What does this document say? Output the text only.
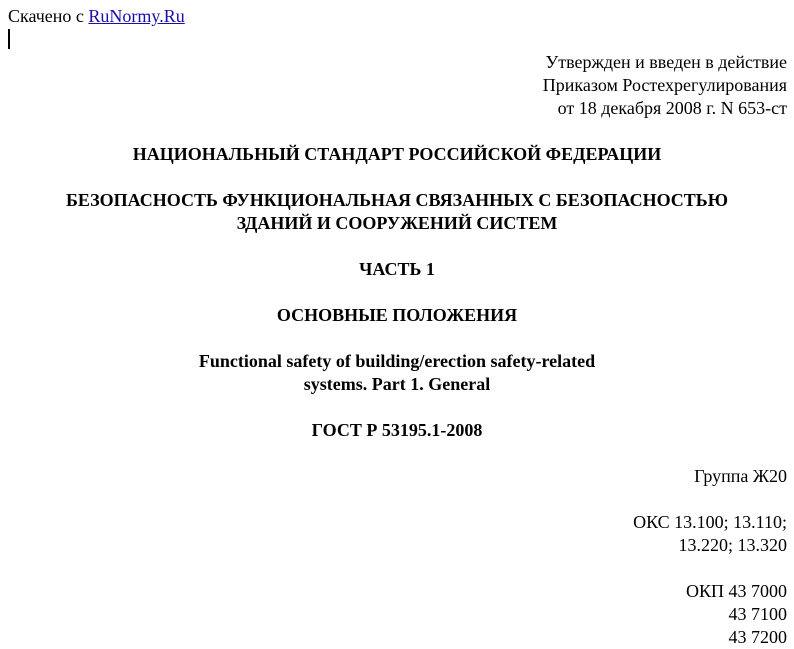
Скачено с RuNormy.Ru
Утвержден и введен в действие
Приказом Ростехрегулирования
от 18 декабря 2008 г. N 653-ст
НАЦИОНАЛЬНЫЙ СТАНДАРТ РОССИЙСКОЙ ФЕДЕРАЦИИ
БЕЗОПАСНОСТЬ ФУНКЦИОНАЛЬНАЯ СВЯЗАННЫХ С БЕЗОПАСНОСТЬЮ
ЗДАНИЙ И СООРУЖЕНИЙ СИСТЕМ
ЧАСТЬ 1
ОСНОВНЫЕ ПОЛОЖЕНИЯ
Functional safety of building/erection safety-related
systems. Part 1. General
ГОСТ Р 53195.1-2008
Группа Ж20
ОКС 13.100; 13.110;
13.220; 13.320
ОКП 43 7000
43 7100
43 7200
